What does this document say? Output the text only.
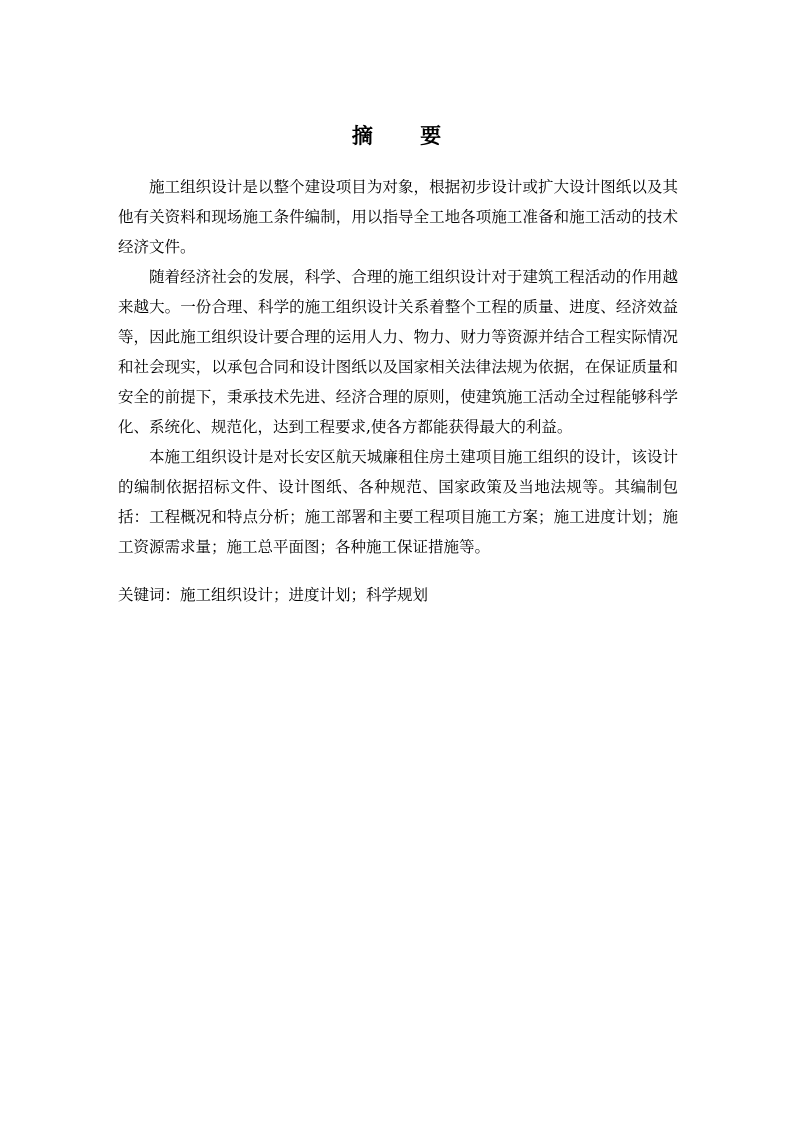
摘 要

施工组织设计是以整个建设项目为对象，根据初步设计或扩大设计图纸以及其他有关资料和现场施工条件编制，用以指导全工地各项施工准备和施工活动的技术经济文件。

随着经济社会的发展，科学、合理的施工组织设计对于建筑工程活动的作用越来越大。一份合理、科学的施工组织设计关系着整个工程的质量、进度、经济效益等，因此施工组织设计要合理的运用人力、物力、财力等资源并结合工程实际情况和社会现实，以承包合同和设计图纸以及国家相关法律法规为依据，在保证质量和安全的前提下，秉承技术先进、经济合理的原则，使建筑施工活动全过程能够科学化、系统化、规范化，达到工程要求,使各方都能获得最大的利益。

本施工组织设计是对长安区航天城廉租住房土建项目施工组织的设计，该设计的编制依据招标文件、设计图纸、各种规范、国家政策及当地法规等。其编制包括：工程概况和特点分析；施工部署和主要工程项目施工方案；施工进度计划；施工资源需求量；施工总平面图；各种施工保证措施等。

关键词：施工组织设计；进度计划；科学规划
